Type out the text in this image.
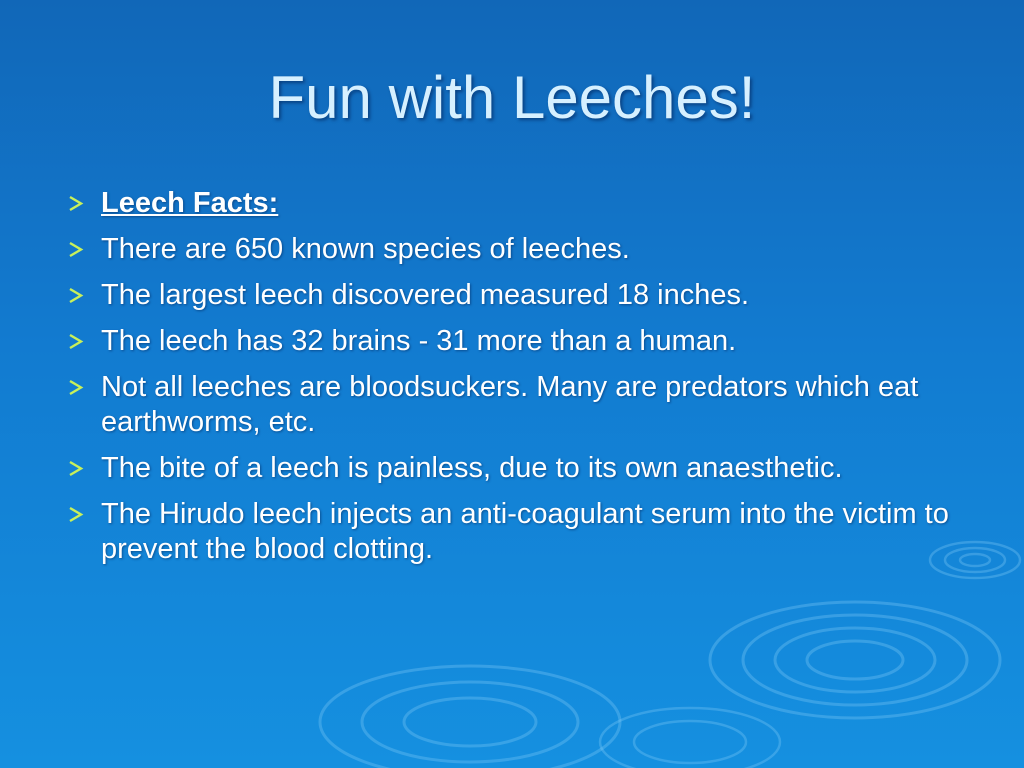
Fun with Leeches!
Leech Facts:
There are 650 known species of leeches.
The largest leech discovered measured 18 inches.
The leech has 32 brains - 31 more than a human.
Not all leeches are bloodsuckers. Many are predators which eat earthworms, etc.
The bite of a leech is painless, due to its own anaesthetic.
The Hirudo leech injects an anti-coagulant serum into the victim to prevent the blood clotting.
